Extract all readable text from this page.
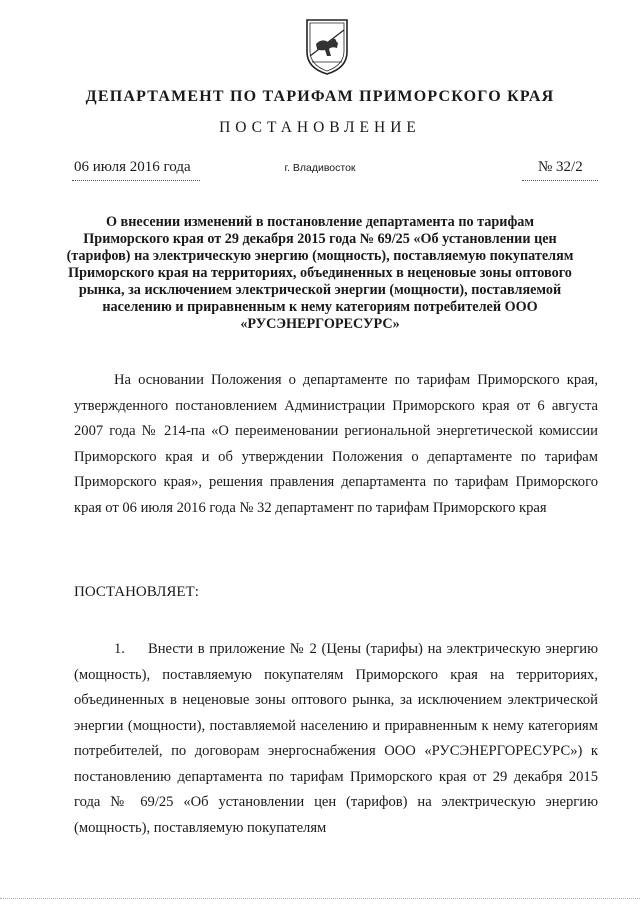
ДЕПАРТАМЕНТ ПО ТАРИФАМ ПРИМОРСКОГО КРАЯ
ПОСТАНОВЛЕНИЕ
06 июля 2016 года	г. Владивосток	№ 32/2
О внесении изменений в постановление департамента по тарифам Приморского края от 29 декабря 2015 года № 69/25 «Об установлении цен (тарифов) на электрическую энергию (мощность), поставляемую покупателям Приморского края на территориях, объединенных в неценовые зоны оптового рынка, за исключением электрической энергии (мощности), поставляемой населению и приравненным к нему категориям потребителей ООО «РУСЭНЕРГОРЕСУРС»
На основании Положения о департаменте по тарифам Приморского края, утвержденного постановлением Администрации Приморского края от 6 августа 2007 года № 214-па «О переименовании региональной энергетической комиссии Приморского края и об утверждении Положения о департаменте по тарифам Приморского края», решения правления департамента по тарифам Приморского края от 06 июля 2016 года № 32 департамент по тарифам Приморского края
ПОСТАНОВЛЯЕТ:
1. Внести в приложение № 2 (Цены (тарифы) на электрическую энергию (мощность), поставляемую покупателям Приморского края на территориях, объединенных в неценовые зоны оптового рынка, за исключением электрической энергии (мощности), поставляемой населению и приравненным к нему категориям потребителей, по договорам энергоснабжения ООО «РУСЭНЕРГОРЕСУРС») к постановлению департамента по тарифам Приморского края от 29 декабря 2015 года № 69/25 «Об установлении цен (тарифов) на электрическую энергию (мощность), поставляемую покупателям
